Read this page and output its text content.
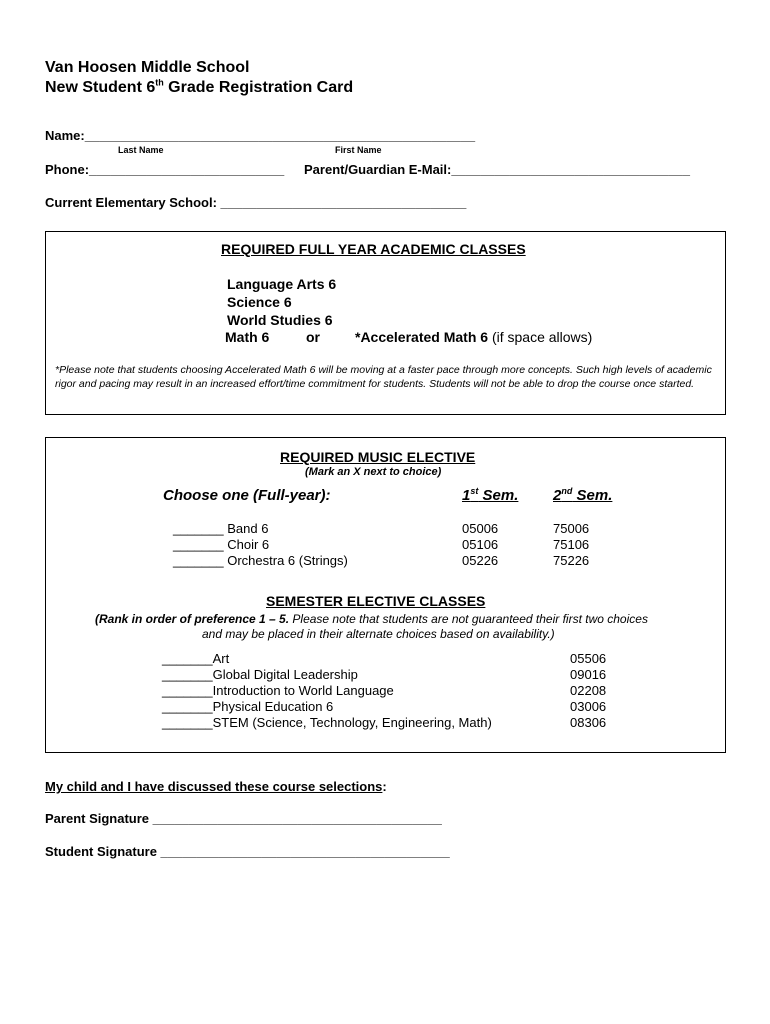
Van Hoosen Middle School
New Student 6th Grade Registration Card
Name:______________________________________________________
Last Name	First Name
Phone:___________________________ Parent/Guardian E-Mail:_________________________________
Current Elementary School: __________________________________
REQUIRED FULL YEAR ACADEMIC CLASSES
Language Arts 6
Science 6
World Studies 6
Math 6	or	*Accelerated Math 6 (if space allows)
*Please note that students choosing Accelerated Math 6 will be moving at a faster pace through more concepts. Such high levels of academic rigor and pacing may result in an increased effort/time commitment for students. Students will not be able to drop the course once started.
REQUIRED MUSIC ELECTIVE
(Mark an X next to choice)
Choose one (Full-year):	1st Sem. 2nd Sem.
_______ Band 6	05006	75006
_______ Choir 6	05106	75106
_______ Orchestra 6 (Strings)	05226	75226
SEMESTER ELECTIVE CLASSES
(Rank in order of preference 1 – 5. Please note that students are not guaranteed their first two choices
and may be placed in their alternate choices based on availability.)
_______Art	05506
_______Global Digital Leadership	09016
_______Introduction to World Language	02208
_______Physical Education 6	03006
_______STEM (Science, Technology, Engineering, Math)	08306
My child and I have discussed these course selections:
Parent Signature ________________________________________
Student Signature ________________________________________
